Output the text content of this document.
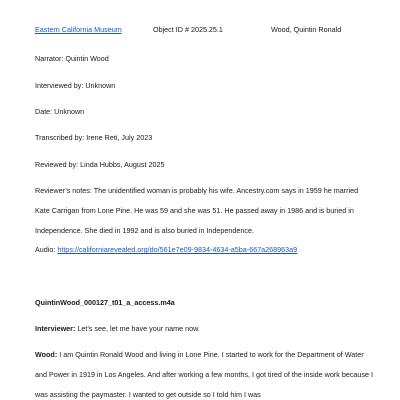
Eastern California Museum	Object ID # 2025.25.1	Wood, Quintin Ronald
Narrator: Quintin Wood
Interviewed by: Unknown
Date: Unknown
Transcribed by: Irene Reti, July 2023
Reviewed by: Linda Hubbs, August 2025
Reviewer’s notes: The unidentified woman is probably his wife. Ancestry.com says in 1959 he married Kate Carrigan from Lone Pine. He was 59 and she was 51. He passed away in 1986 and is buried in Independence. She died in 1992 and is also buried in Independence.
Audio: https://californiarevealed.org/do/561e7e09-9834-4634-a5ba-667a268963a9
QuintinWood_000127_t01_a_access.m4a
Interviewer: Let’s see, let me have your name now.
Wood: I am Quintin Ronald Wood and living in Lone Pine. I started to work for the Department of Water and Power in 1919 in Los Angeles. And after working a few months, I got tired of the inside work because I was assisting the paymaster. I wanted to get outside so I told him I was
